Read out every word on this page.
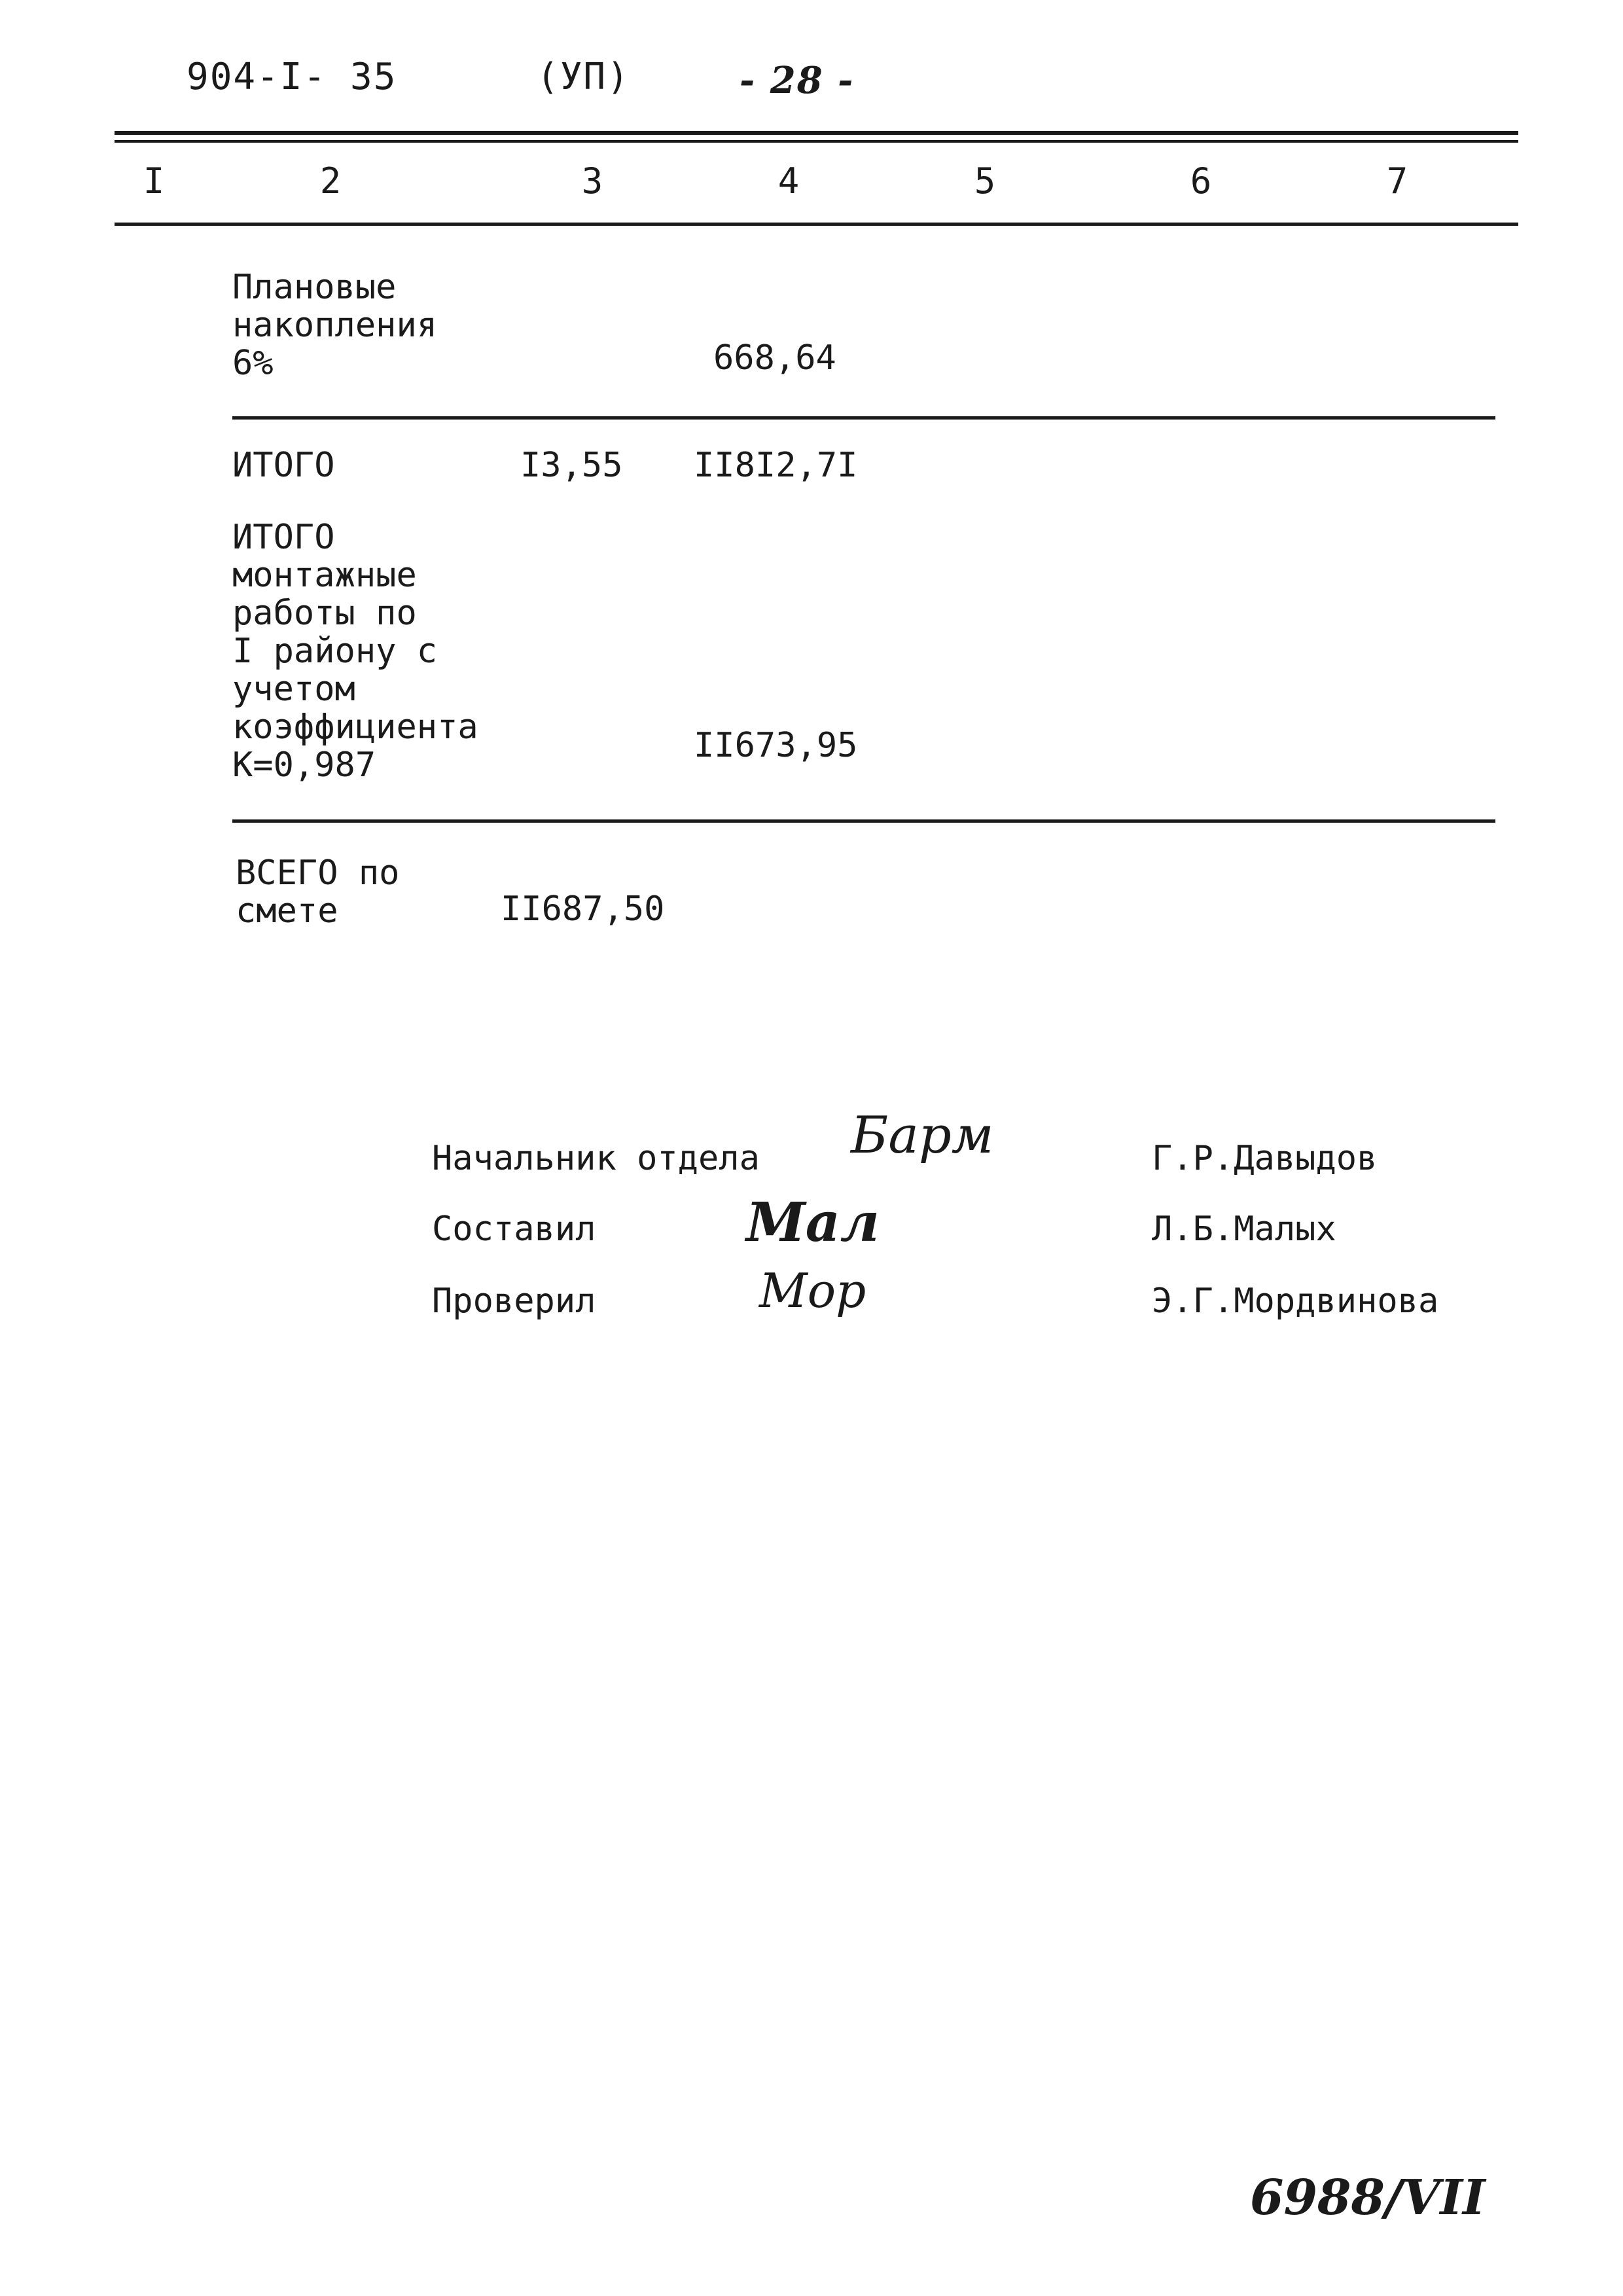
904-I- 35	(УП)	- 28 -
I	2	3	4	5	6	7
Плановые
накопления
6%	668,64
ИТОГО	I3,55 II8I2,7I
ИТОГО
монтажные
работы по
I району с
учетом
коэффициента
К=0,987	II673,95
ВСЕГО по
смете	II687,50
Начальник отдела Барм	Г.Р.Давыдов
Составил	Мал	Л.Б.Малых
Проверил	Мор	Э.Г.Мордвинова
6988/VII
